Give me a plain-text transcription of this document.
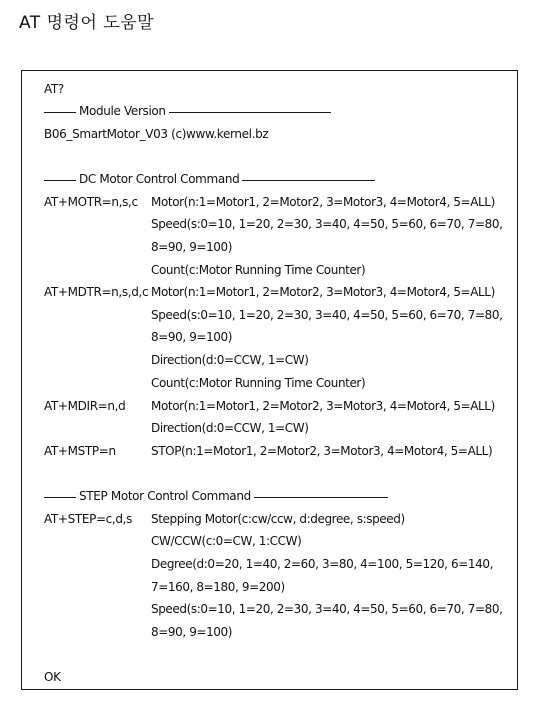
AT 명령어 도움말
AT?
Module Version
B06_SmartMotor_V03 (c)www.kernel.bz
DC Motor Control Command
AT+MOTR=n,s,c Motor(n:1=Motor1, 2=Motor2, 3=Motor3, 4=Motor4, 5=ALL)
Speed(s:0=10, 1=20, 2=30, 3=40, 4=50, 5=60, 6=70, 7=80,
8=90, 9=100)
Count(c:Motor Running Time Counter)
AT+MDTR=n,s,d,c Motor(n:1=Motor1, 2=Motor2, 3=Motor3, 4=Motor4, 5=ALL)
Speed(s:0=10, 1=20, 2=30, 3=40, 4=50, 5=60, 6=70, 7=80,
8=90, 9=100)
Direction(d:0=CCW, 1=CW)
Count(c:Motor Running Time Counter)
AT+MDIR=n,d Motor(n:1=Motor1, 2=Motor2, 3=Motor3, 4=Motor4, 5=ALL)
Direction(d:0=CCW, 1=CW)
AT+MSTP=n	STOP(n:1=Motor1, 2=Motor2, 3=Motor3, 4=Motor4, 5=ALL)
STEP Motor Control Command
AT+STEP=c,d,s Stepping Motor(c:cw/ccw, d:degree, s:speed)
CW/CCW(c:0=CW, 1:CCW)
Degree(d:0=20, 1=40, 2=60, 3=80, 4=100, 5=120, 6=140,
7=160, 8=180, 9=200)
Speed(s:0=10, 1=20, 2=30, 3=40, 4=50, 5=60, 6=70, 7=80,
8=90, 9=100)
OK
